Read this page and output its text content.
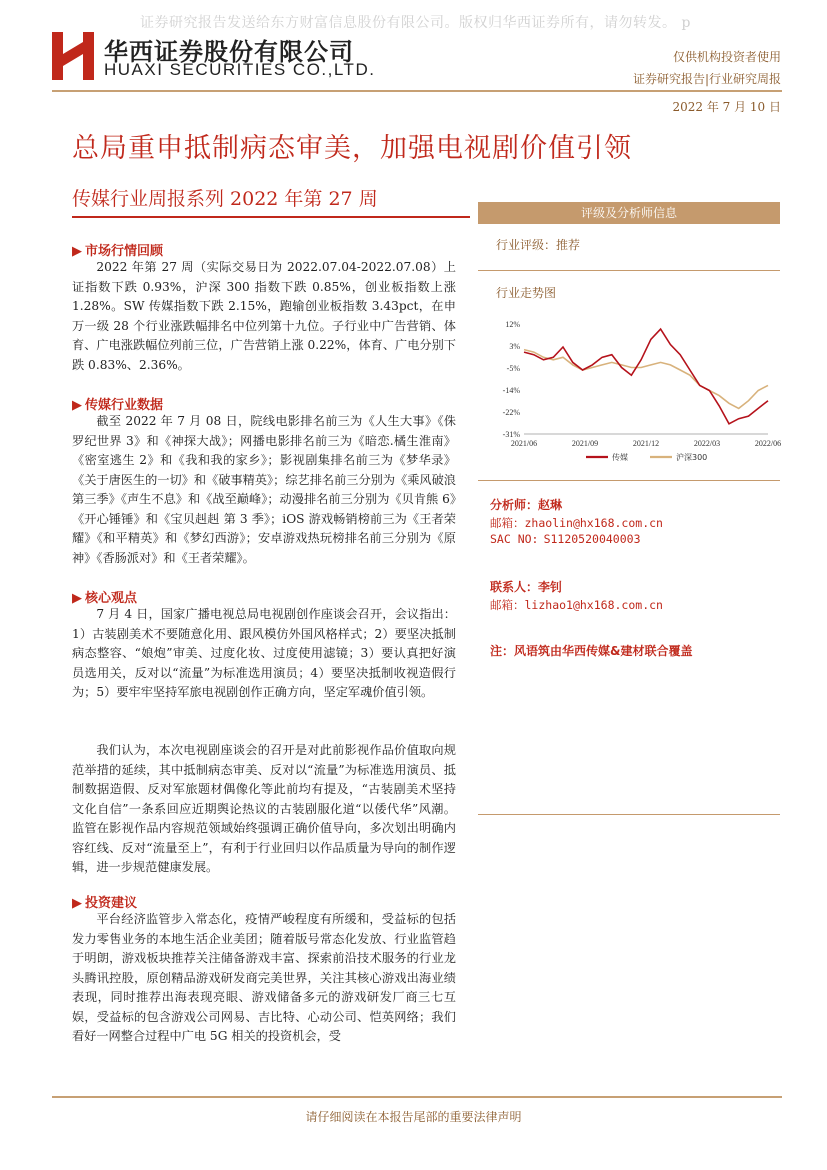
证券研究报告发送给东方财富信息股份有限公司。版权归华西证券所有，请勿转发。 p
华西证券股份有限公司
HUAXI SECURITIES CO.,LTD.
仅供机构投资者使用
证券研究报告|行业研究周报
2022 年 7 月 10 日
总局重申抵制病态审美，加强电视剧价值引领
传媒行业周报系列 2022 年第 27 周
▶ 市场行情回顾
2022 年第 27 周（实际交易日为 2022.07.04-2022.07.08）上证指数下跌 0.93%，沪深 300 指数下跌 0.85%，创业板指数上涨 1.28%。SW 传媒指数下跌 2.15%，跑输创业板指数 3.43pct，在申万一级 28 个行业涨跌幅排名中位列第十九位。子行业中广告营销、体育、广电涨跌幅位列前三位，广告营销上涨 0.22%，体育、广电分别下跌 0.83%、2.36%。
▶ 传媒行业数据
截至 2022 年 7 月 08 日，院线电影排名前三为《人生大事》《侏罗纪世界 3》和《神探大战》；网播电影排名前三为《暗恋.橘生淮南》《密室逃生 2》和《我和我的家乡》；影视剧集排名前三为《梦华录》《关于唐医生的一切》和《破事精英》；综艺排名前三分别为《乘风破浪第三季》《声生不息》和《战至巅峰》；动漫排名前三分别为《贝肯熊 6》《开心锤锤》和《宝贝赳赳 第 3 季》；iOS 游戏畅销榜前三为《王者荣耀》《和平精英》和《梦幻西游》；安卓游戏热玩榜排名前三分别为《原神》《香肠派对》和《王者荣耀》。
▶ 核心观点
7 月 4 日，国家广播电视总局电视剧创作座谈会召开，会议指出：1）古装剧美术不要随意化用、跟风模仿外国风格样式；2）要坚决抵制病态整容、“娘炮”审美、过度化妆、过度使用滤镜；3）要认真把好演员选用关，反对以“流量”为标准选用演员；4）要坚决抵制收视造假行为；5）要牢牢坚持军旅电视剧创作正确方向，坚定军魂价值引领。
我们认为，本次电视剧座谈会的召开是对此前影视作品价值取向规范举措的延续，其中抵制病态审美、反对以“流量”为标准选用演员、抵制数据造假、反对军旅题材偶像化等此前均有提及，“古装剧美术坚持文化自信”一条系回应近期舆论热议的古装剧服化道“以倭代华”风潮。监管在影视作品内容规范领域始终强调正确价值导向，多次划出明确内容红线、反对“流量至上”，有利于行业回归以作品质量为导向的制作逻辑，进一步规范健康发展。
▶ 投资建议
平台经济监管步入常态化，疫情严峻程度有所缓和，受益标的包括发力零售业务的本地生活企业美团；随着版号常态化发放、行业监管趋于明朗，游戏板块推荐关注储备游戏丰富、探索前沿技术服务的行业龙头腾讯控股，原创精品游戏研发商完美世界，关注其核心游戏出海业绩表现，同时推荐出海表现亮眼、游戏储备多元的游戏研发厂商三七互娱，受益标的包含游戏公司网易、吉比特、心动公司、恺英网络；我们看好一网整合过程中广电 5G 相关的投资机会，受
评级及分析师信息
行业评级：推荐
行业走势图
12%
3%
-5%
-14%
-22%
-31%
2021/06	2021/09	2021/12	2022/03	2022/06
传媒	沪深300
分析师：赵琳
邮箱：zhaolin@hx168.com.cn
SAC NO: S1120520040003
联系人：李钊
邮箱：lizhao1@hx168.com.cn
注：风语筑由华西传媒&建材联合覆盖
请仔细阅读在本报告尾部的重要法律声明
